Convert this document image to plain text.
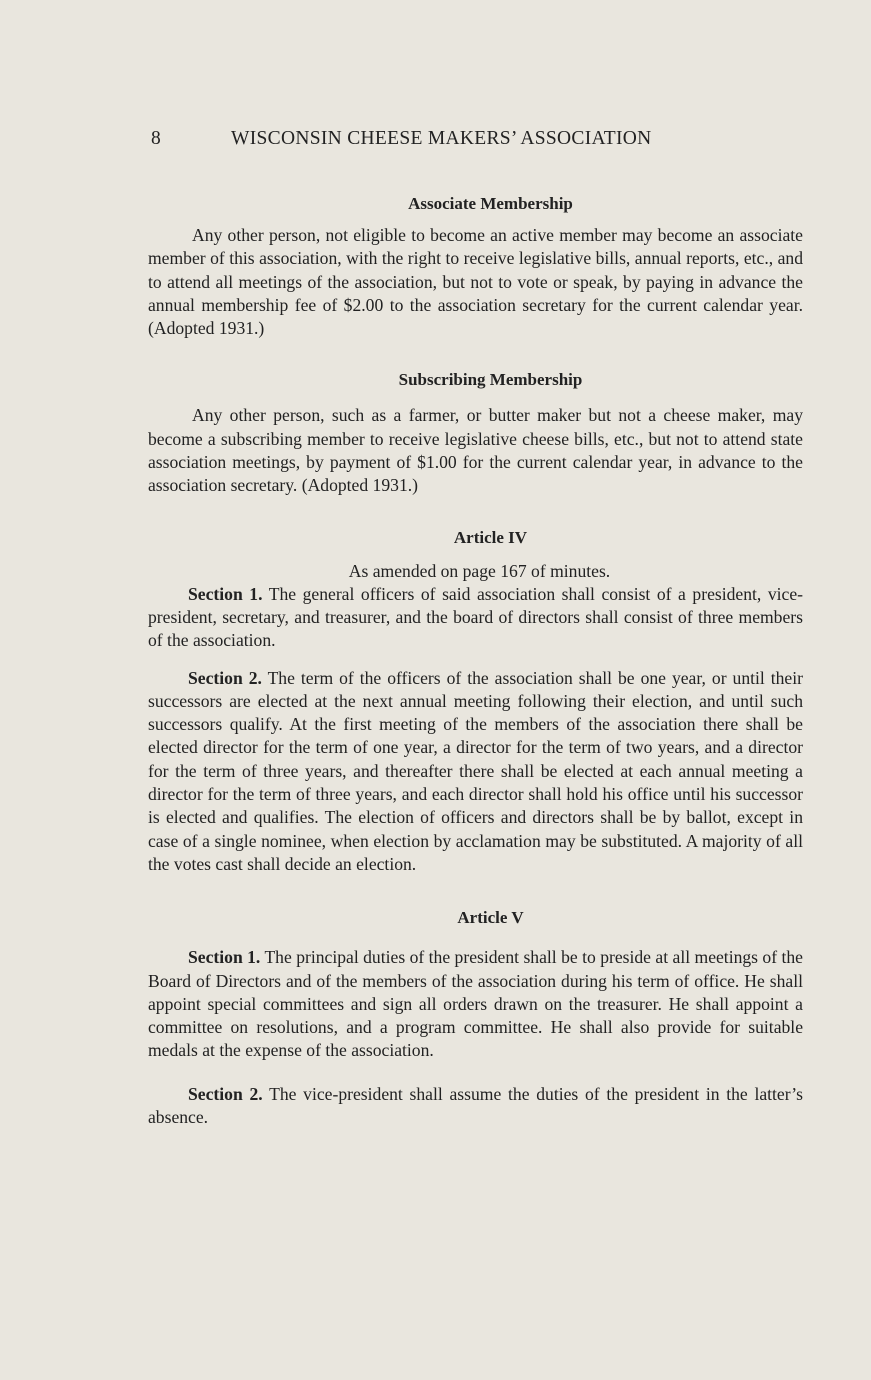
8	WISCONSIN CHEESE MAKERS’ ASSOCIATION
Associate Membership

Any other person, not eligible to become an active member may become an associate member of this association, with the right to receive legislative bills, annual reports, etc., and to attend all meetings of the association, but not to vote or speak, by paying in advance the annual membership fee of $2.00 to the association secretary for the current calendar year. (Adopted 1931.)

Subscribing Membership

Any other person, such as a farmer, or butter maker but not a cheese maker, may become a subscribing member to receive legislative cheese bills, etc., but not to attend state association meetings, by payment of $1.00 for the current calendar year, in advance to the association secretary. (Adopted 1931.)

Article IV

As amended on page 167 of minutes.

Section 1. The general officers of said association shall consist of a president, vice-president, secretary, and treasurer, and the board of directors shall consist of three members of the association.

Section 2. The term of the officers of the association shall be one year, or until their successors are elected at the next annual meeting following their election, and until such successors qualify. At the first meeting of the members of the association there shall be elected director for the term of one year, a director for the term of two years, and a director for the term of three years, and thereafter there shall be elected at each annual meeting a director for the term of three years, and each director shall hold his office until his successor is elected and qualifies. The election of officers and directors shall be by ballot, except in case of a single nominee, when election by acclamation may be substituted. A majority of all the votes cast shall decide an election.

Article V

Section 1. The principal duties of the president shall be to preside at all meetings of the Board of Directors and of the members of the association during his term of office. He shall appoint special committees and sign all orders drawn on the treasurer. He shall appoint a committee on resolutions, and a program committee. He shall also provide for suitable medals at the expense of the association.

Section 2. The vice-president shall assume the duties of the president in the latter’s absence.
